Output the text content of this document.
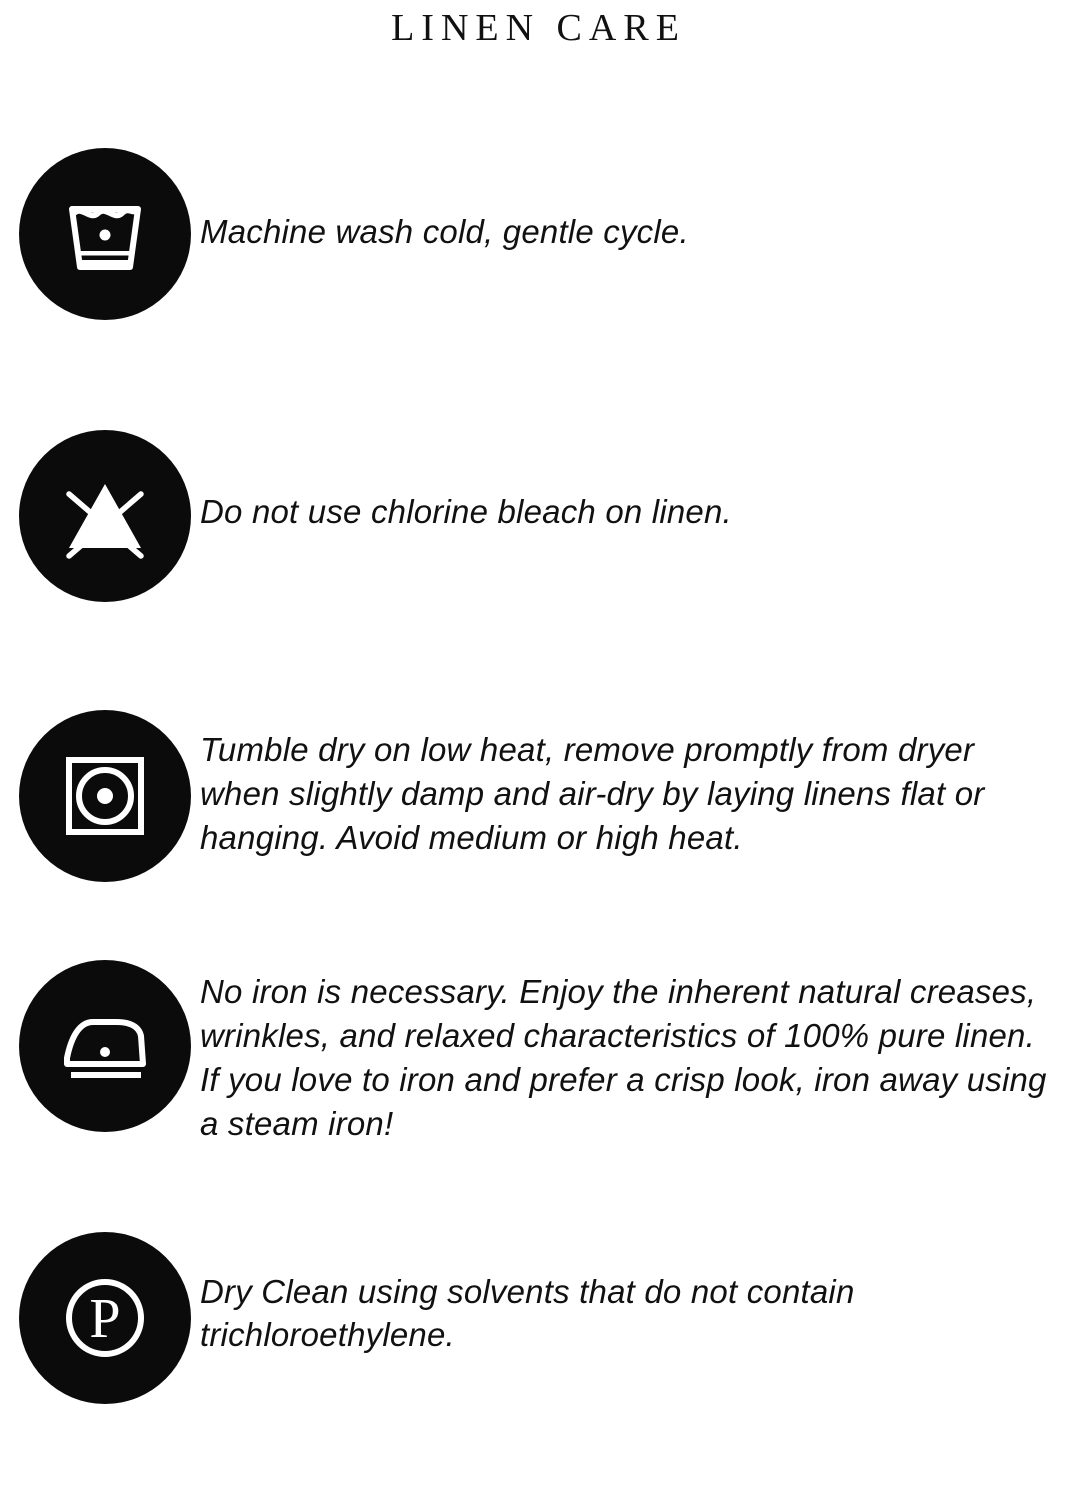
LINEN CARE

Machine wash cold, gentle cycle.

Do not use chlorine bleach on linen.

Tumble dry on low heat, remove promptly from dryer when slightly damp and air-dry by laying linens flat or hanging. Avoid medium or high heat.

No iron is necessary. Enjoy the inherent natural creases, wrinkles, and relaxed characteristics of 100% pure linen. If you love to iron and prefer a crisp look, iron away using a steam iron!

P Dry Clean using solvents that do not contain trichloroethylene.
